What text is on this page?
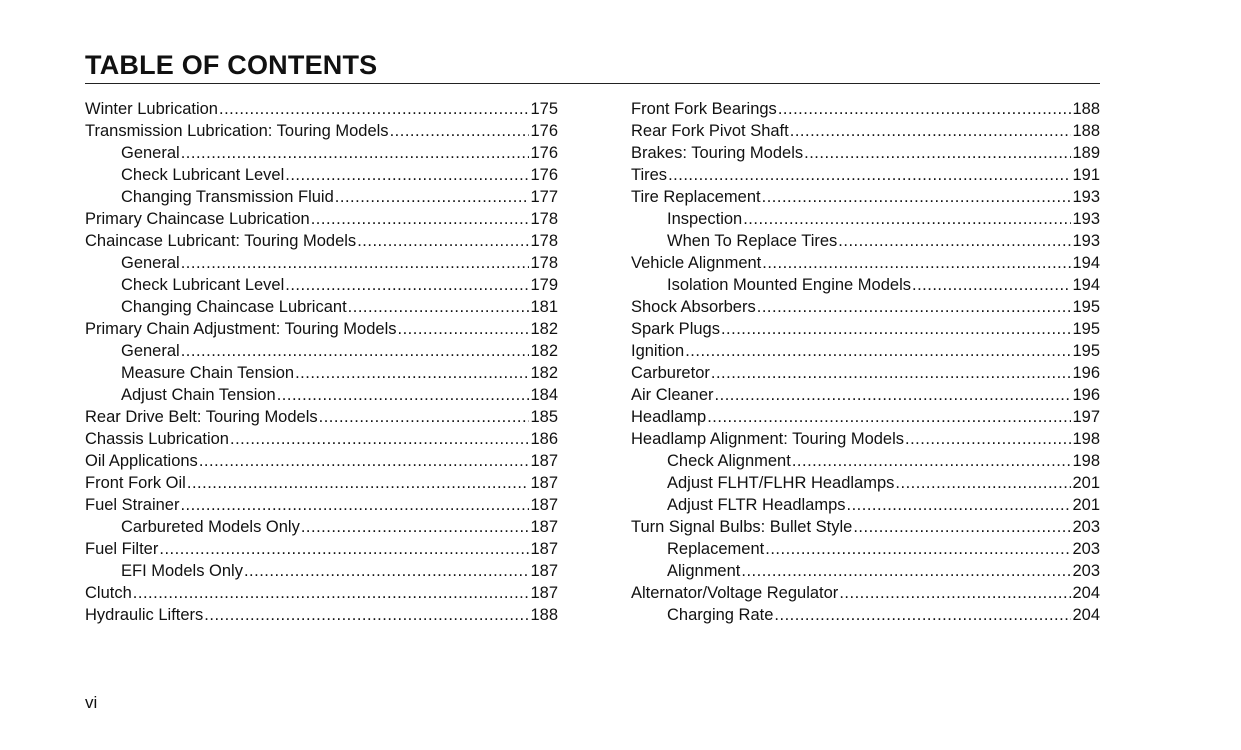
TABLE OF CONTENTS
Winter Lubrication .....	175
Transmission Lubrication: Touring Models .....	176
General .....	176
Check Lubricant Level .....	176
Changing Transmission Fluid .....	177
Primary Chaincase Lubrication .....	178
Chaincase Lubricant: Touring Models .....	178
General .....	178
Check Lubricant Level .....	179
Changing Chaincase Lubricant .....	181
Primary Chain Adjustment: Touring Models .....	182
General .....	182
Measure Chain Tension .....	182
Adjust Chain Tension .....	184
Rear Drive Belt: Touring Models .....	185
Chassis Lubrication .....	186
Oil Applications .....	187
Front Fork Oil .....	187
Fuel Strainer .....	187
Carbureted Models Only .....	187
Fuel Filter .....	187
EFI Models Only .....	187
Clutch .....	187
Hydraulic Lifters .....	188
Front Fork Bearings .....	188
Rear Fork Pivot Shaft .....	188
Brakes: Touring Models .....	189
Tires .....	191
Tire Replacement .....	193
Inspection .....	193
When To Replace Tires .....	193
Vehicle Alignment .....	194
Isolation Mounted Engine Models .....	194
Shock Absorbers .....	195
Spark Plugs .....	195
Ignition .....	195
Carburetor .....	196
Air Cleaner .....	196
Headlamp .....	197
Headlamp Alignment: Touring Models .....	198
Check Alignment .....	198
Adjust FLHT/FLHR Headlamps .....	201
Adjust FLTR Headlamps .....	201
Turn Signal Bulbs: Bullet Style .....	203
Replacement .....	203
Alignment .....	203
Alternator/Voltage Regulator .....	204
Charging Rate .....	204
vi
